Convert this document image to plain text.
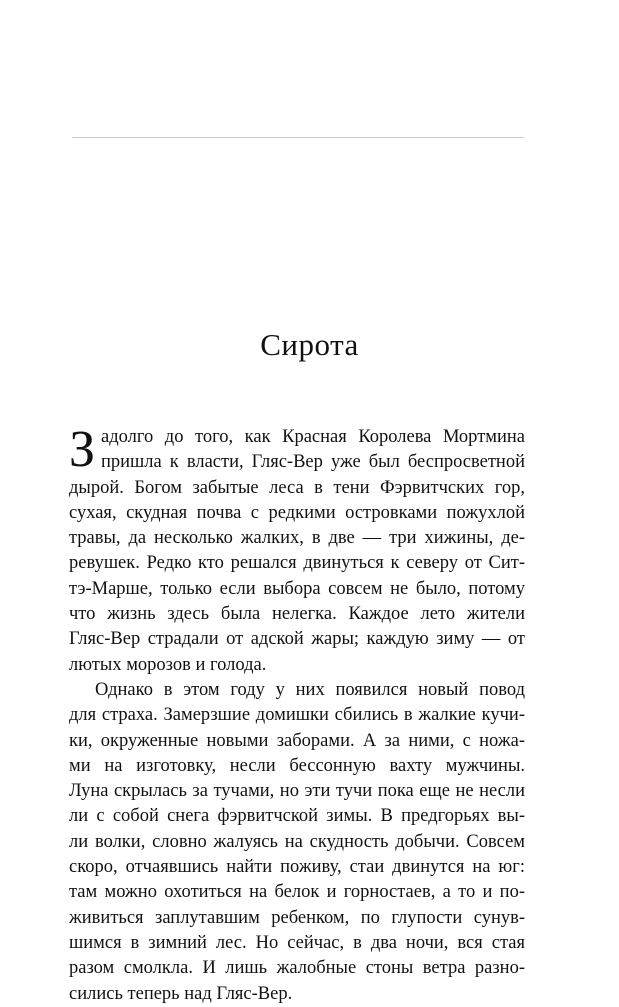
Сирота
З адолго до того, как Красная Королева Мортмина
пришла к власти, Гляс-Вер уже был беспросветной
дырой. Богом забытые леса в тени Фэрвитчских гор,
сухая, скудная почва с редкими островками пожухлой
травы, да несколько жалких, в две — три хижины, де-
ревушек. Редко кто решался двинуться к северу от Сит-
тэ-Марше, только если выбора совсем не было, потому
что жизнь здесь была нелегка. Каждое лето жители
Гляс-Вер страдали от адской жары; каждую зиму — от
лютых морозов и голода.
Однако в этом году у них появился новый повод
для страха. Замерзшие домишки сбились в жалкие кучи-
ки, окруженные новыми заборами. А за ними, с ножа-
ми на изготовку, несли бессонную вахту мужчины.
Луна скрылась за тучами, но эти тучи пока еще не несли
ли с собой снега фэрвитчской зимы. В предгорьях вы-
ли волки, словно жалуясь на скудность добычи. Совсем
скоро, отчаявшись найти поживу, стаи двинутся на юг:
там можно охотиться на белок и горностаев, а то и по-
живиться заплутавшим ребенком, по глупости сунув-
шимся в зимний лес. Но сейчас, в два ночи, вся стая
разом смолкла. И лишь жалобные стоны ветра разно-
сились теперь над Гляс-Вер.
